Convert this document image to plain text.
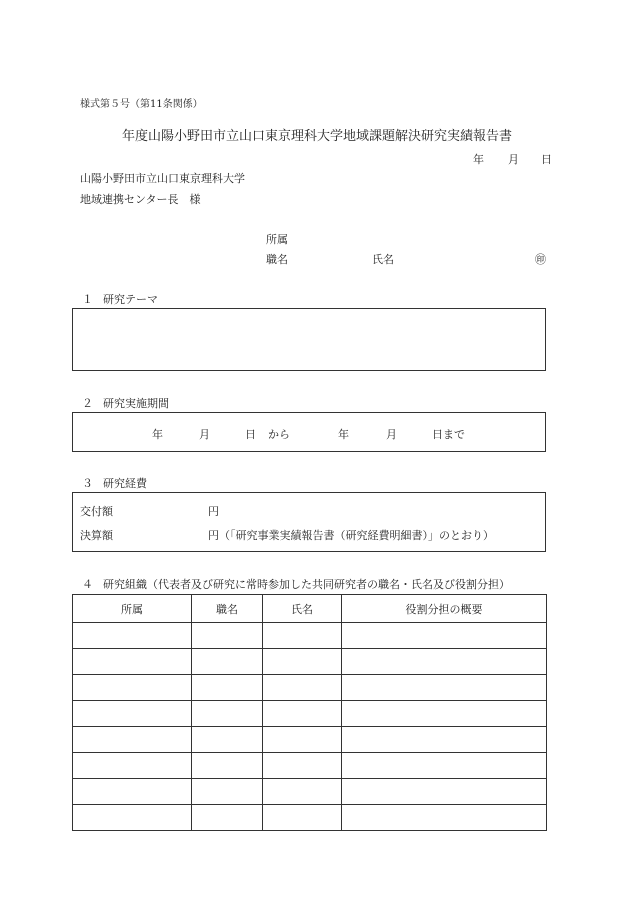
様式第５号（第11条関係）
年度山陽小野田市立山口東京理科大学地域課題解決研究実績報告書
年 月 日
山陽小野田市立山口東京理科大学
地域連携センター長　様
所属
職名	氏名	㊞
１ 研究テーマ
２ 研究実施期間
年	月	日 から	年	月	日まで
３ 研究経費
交付額	円
決算額	円（「研究事業実績報告書（研究経費明細書）」のとおり）
４ 研究組織（代表者及び研究に常時参加した共同研究者の職名・氏名及び役割分担）
所属	職名	氏名	役割分担の概要
